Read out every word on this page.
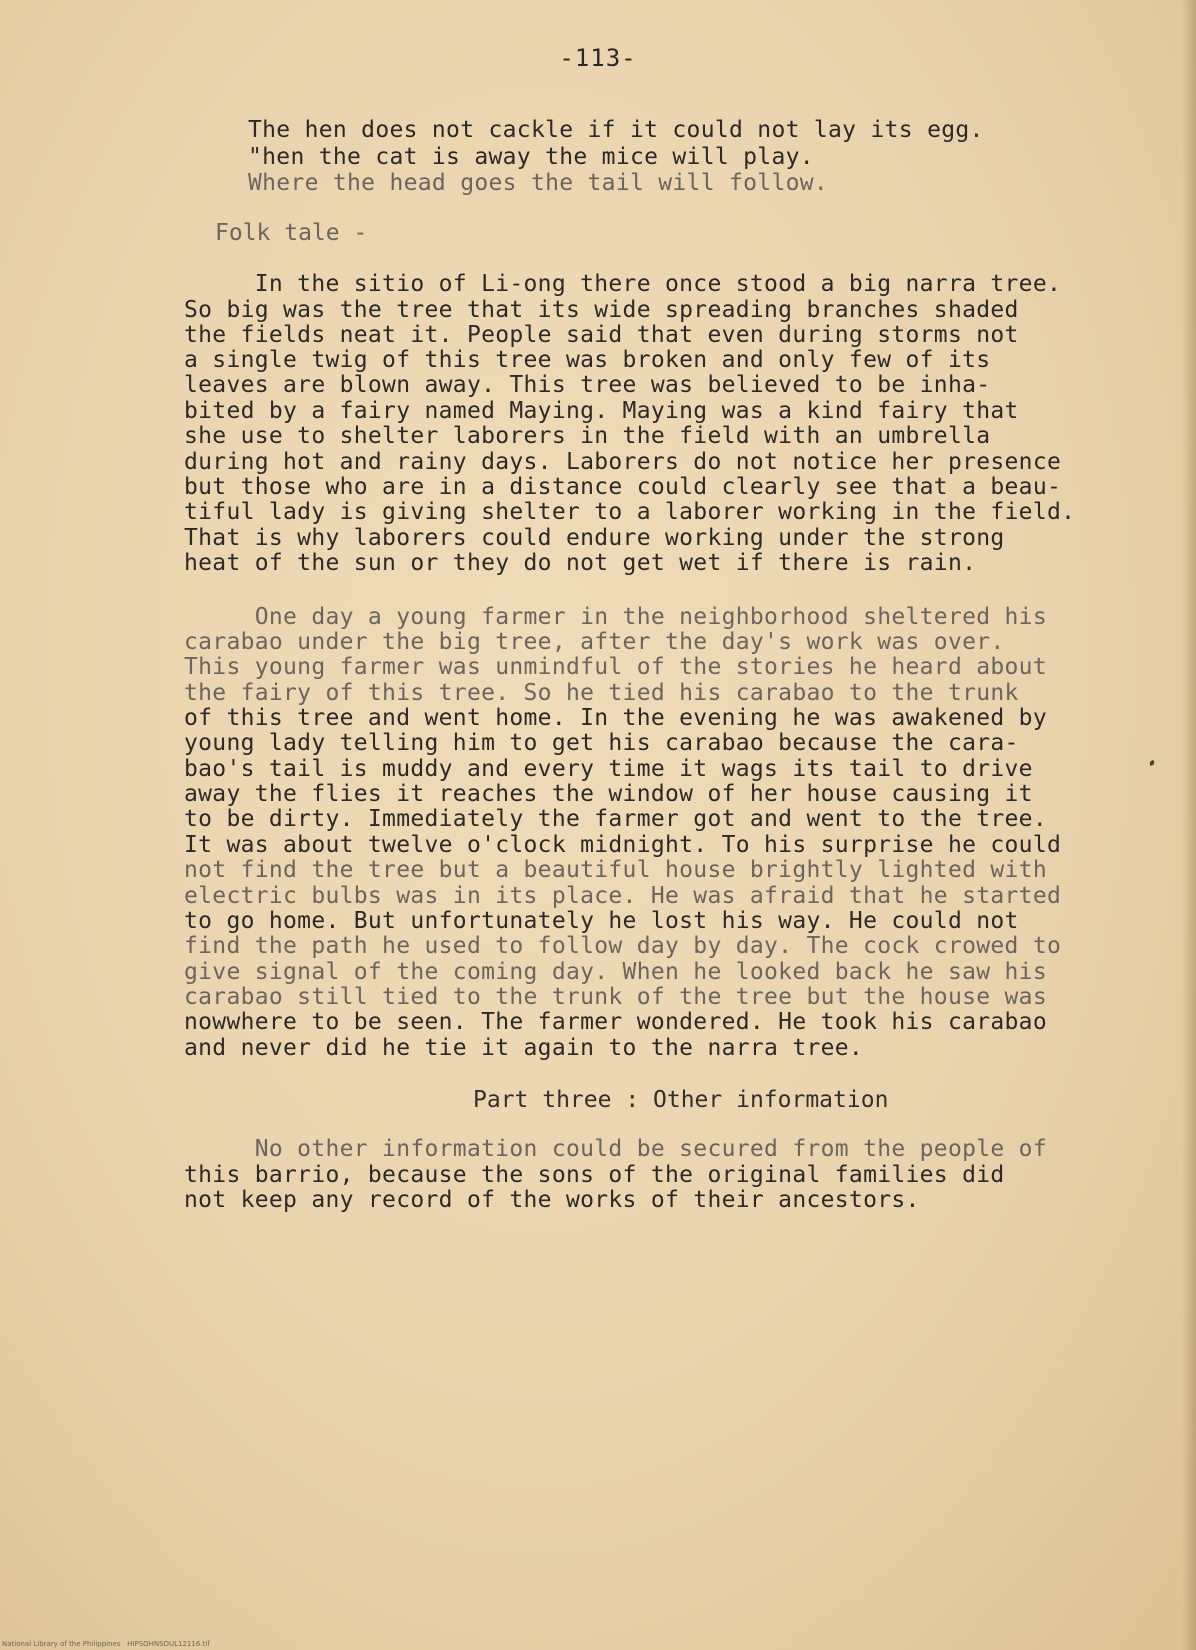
-113-
The hen does not cackle if it could not lay its egg.
"hen the cat is away the mice will play.
Where the head goes the tail will follow.
Folk tale -
In the sitio of Li-ong there once stood a big narra tree.
So big was the tree that its wide spreading branches shaded
the fields neat it. People said that even during storms not
a single twig of this tree was broken and only few of its
leaves are blown away. This tree was believed to be inha-
bited by a fairy named Maying. Maying was a kind fairy that
she use to shelter laborers in the field with an umbrella
during hot and rainy days. Laborers do not notice her presence
but those who are in a distance could clearly see that a beau-
tiful lady is giving shelter to a laborer working in the field.
That is why laborers could endure working under the strong
heat of the sun or they do not get wet if there is rain.
One day a young farmer in the neighborhood sheltered his
carabao under the big tree, after the day's work was over.
This young farmer was unmindful of the stories he heard about
the fairy of this tree. So he tied his carabao to the trunk
of this tree and went home. In the evening he was awakened by
young lady telling him to get his carabao because the cara-
bao's tail is muddy and every time it wags its tail to drive
away the flies it reaches the window of her house causing it
to be dirty. Immediately the farmer got and went to the tree.
It was about twelve o'clock midnight. To his surprise he could
not find the tree but a beautiful house brightly lighted with
electric bulbs was in its place. He was afraid that he started
to go home. But unfortunately he lost his way. He could not
find the path he used to follow day by day. The cock crowed to
give signal of the coming day. When he looked back he saw his
carabao still tied to the trunk of the tree but the house was
nowwhere to be seen. The farmer wondered. He took his carabao
and never did he tie it again to the narra tree.
Part three : Other information
No other information could be secured from the people of
this barrio, because the sons of the original families did
not keep any record of the works of their ancestors.
National Library of the Philippines   HIPSOHNSDUL12116.tif
